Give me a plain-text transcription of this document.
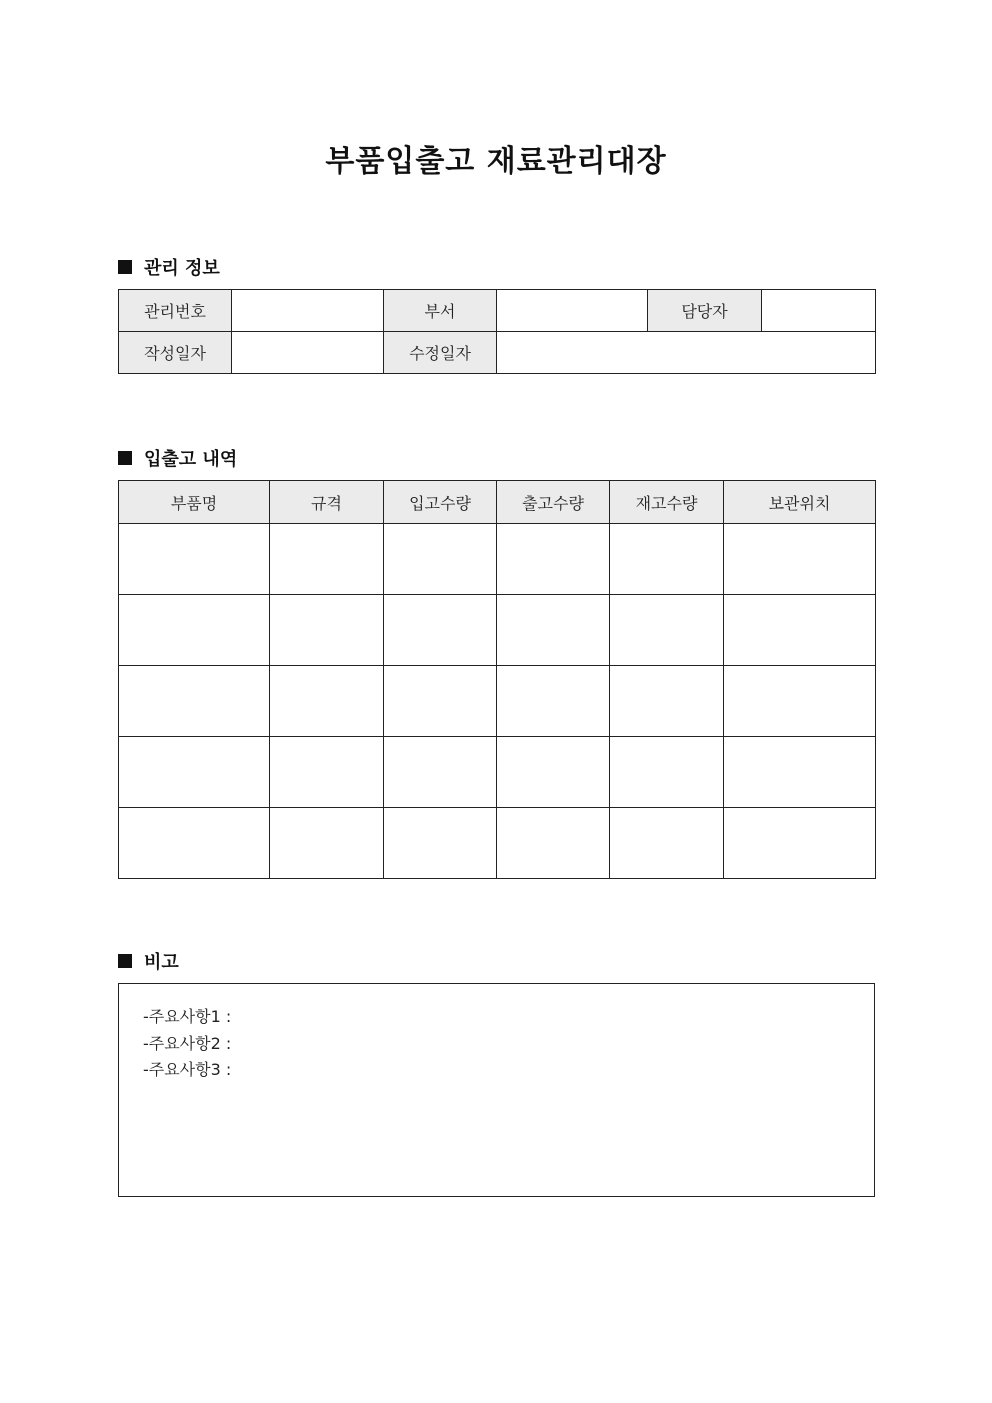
부품입출고 재료관리대장
관리 정보
관리번호		부서		담당자	
작성일자		수정일자			
입출고 내역
부품명	규격	입고수량	출고수량	재고수량	보관위치

비고
-주요사항1 :
-주요사항2 :
-주요사항3 :
